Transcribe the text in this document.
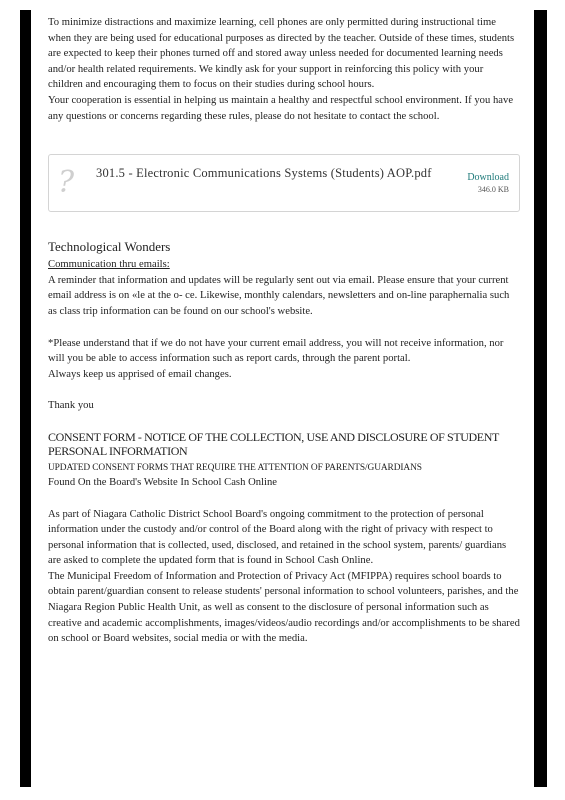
To minimize distractions and maximize learning, cell phones are only permitted during instructional time when they are being used for educational purposes as directed by the teacher. Outside of these times, students are expected to keep their phones turned off and stored away unless needed for documented learning needs and/or health related requirements. We kindly ask for your support in reinforcing this policy with your children and encouraging them to focus on their studies during school hours.

Your cooperation is essential in helping us maintain a healthy and respectful school environment. If you have any questions or concerns regarding these rules, please do not hesitate to contact the school.

?	301.5 - Electronic Communications Systems (Students) AOP.pdf	Download
346.0 KB
Technological Wonders

Communication thru emails:

A reminder that information and updates will be regularly sent out via email. Please ensure that your current email address is on «le at the o- ce. Likewise, monthly calendars, newsletters and on-line paraphernalia such as class trip information can be found on our school's website.

*Please understand that if we do not have your current email address, you will not receive information, nor will you be able to access information such as report cards, through the parent portal.

Always keep us apprised of email changes.

Thank you

CONSENT FORM - NOTICE OF THE COLLECTION, USE AND DISCLOSURE OF STUDENT PERSONAL INFORMATION

UPDATED CONSENT FORMS THAT REQUIRE THE ATTENTION OF PARENTS/GUARDIANS

Found On the Board's Website In School Cash Online

As part of Niagara Catholic District School Board's ongoing commitment to the protection of personal information under the custody and/or control of the Board along with the right of privacy with respect to personal information that is collected, used, disclosed, and retained in the school system, parents/ guardians are asked to complete the updated form that is found in School Cash Online.

The Municipal Freedom of Information and Protection of Privacy Act (MFIPPA) requires school boards to obtain parent/guardian consent to release students' personal information to school volunteers, parishes, and the Niagara Region Public Health Unit, as well as consent to the disclosure of personal information such as creative and academic accomplishments, images/videos/audio recordings and/or accomplishments to be shared on school or Board websites, social media or with the media.
